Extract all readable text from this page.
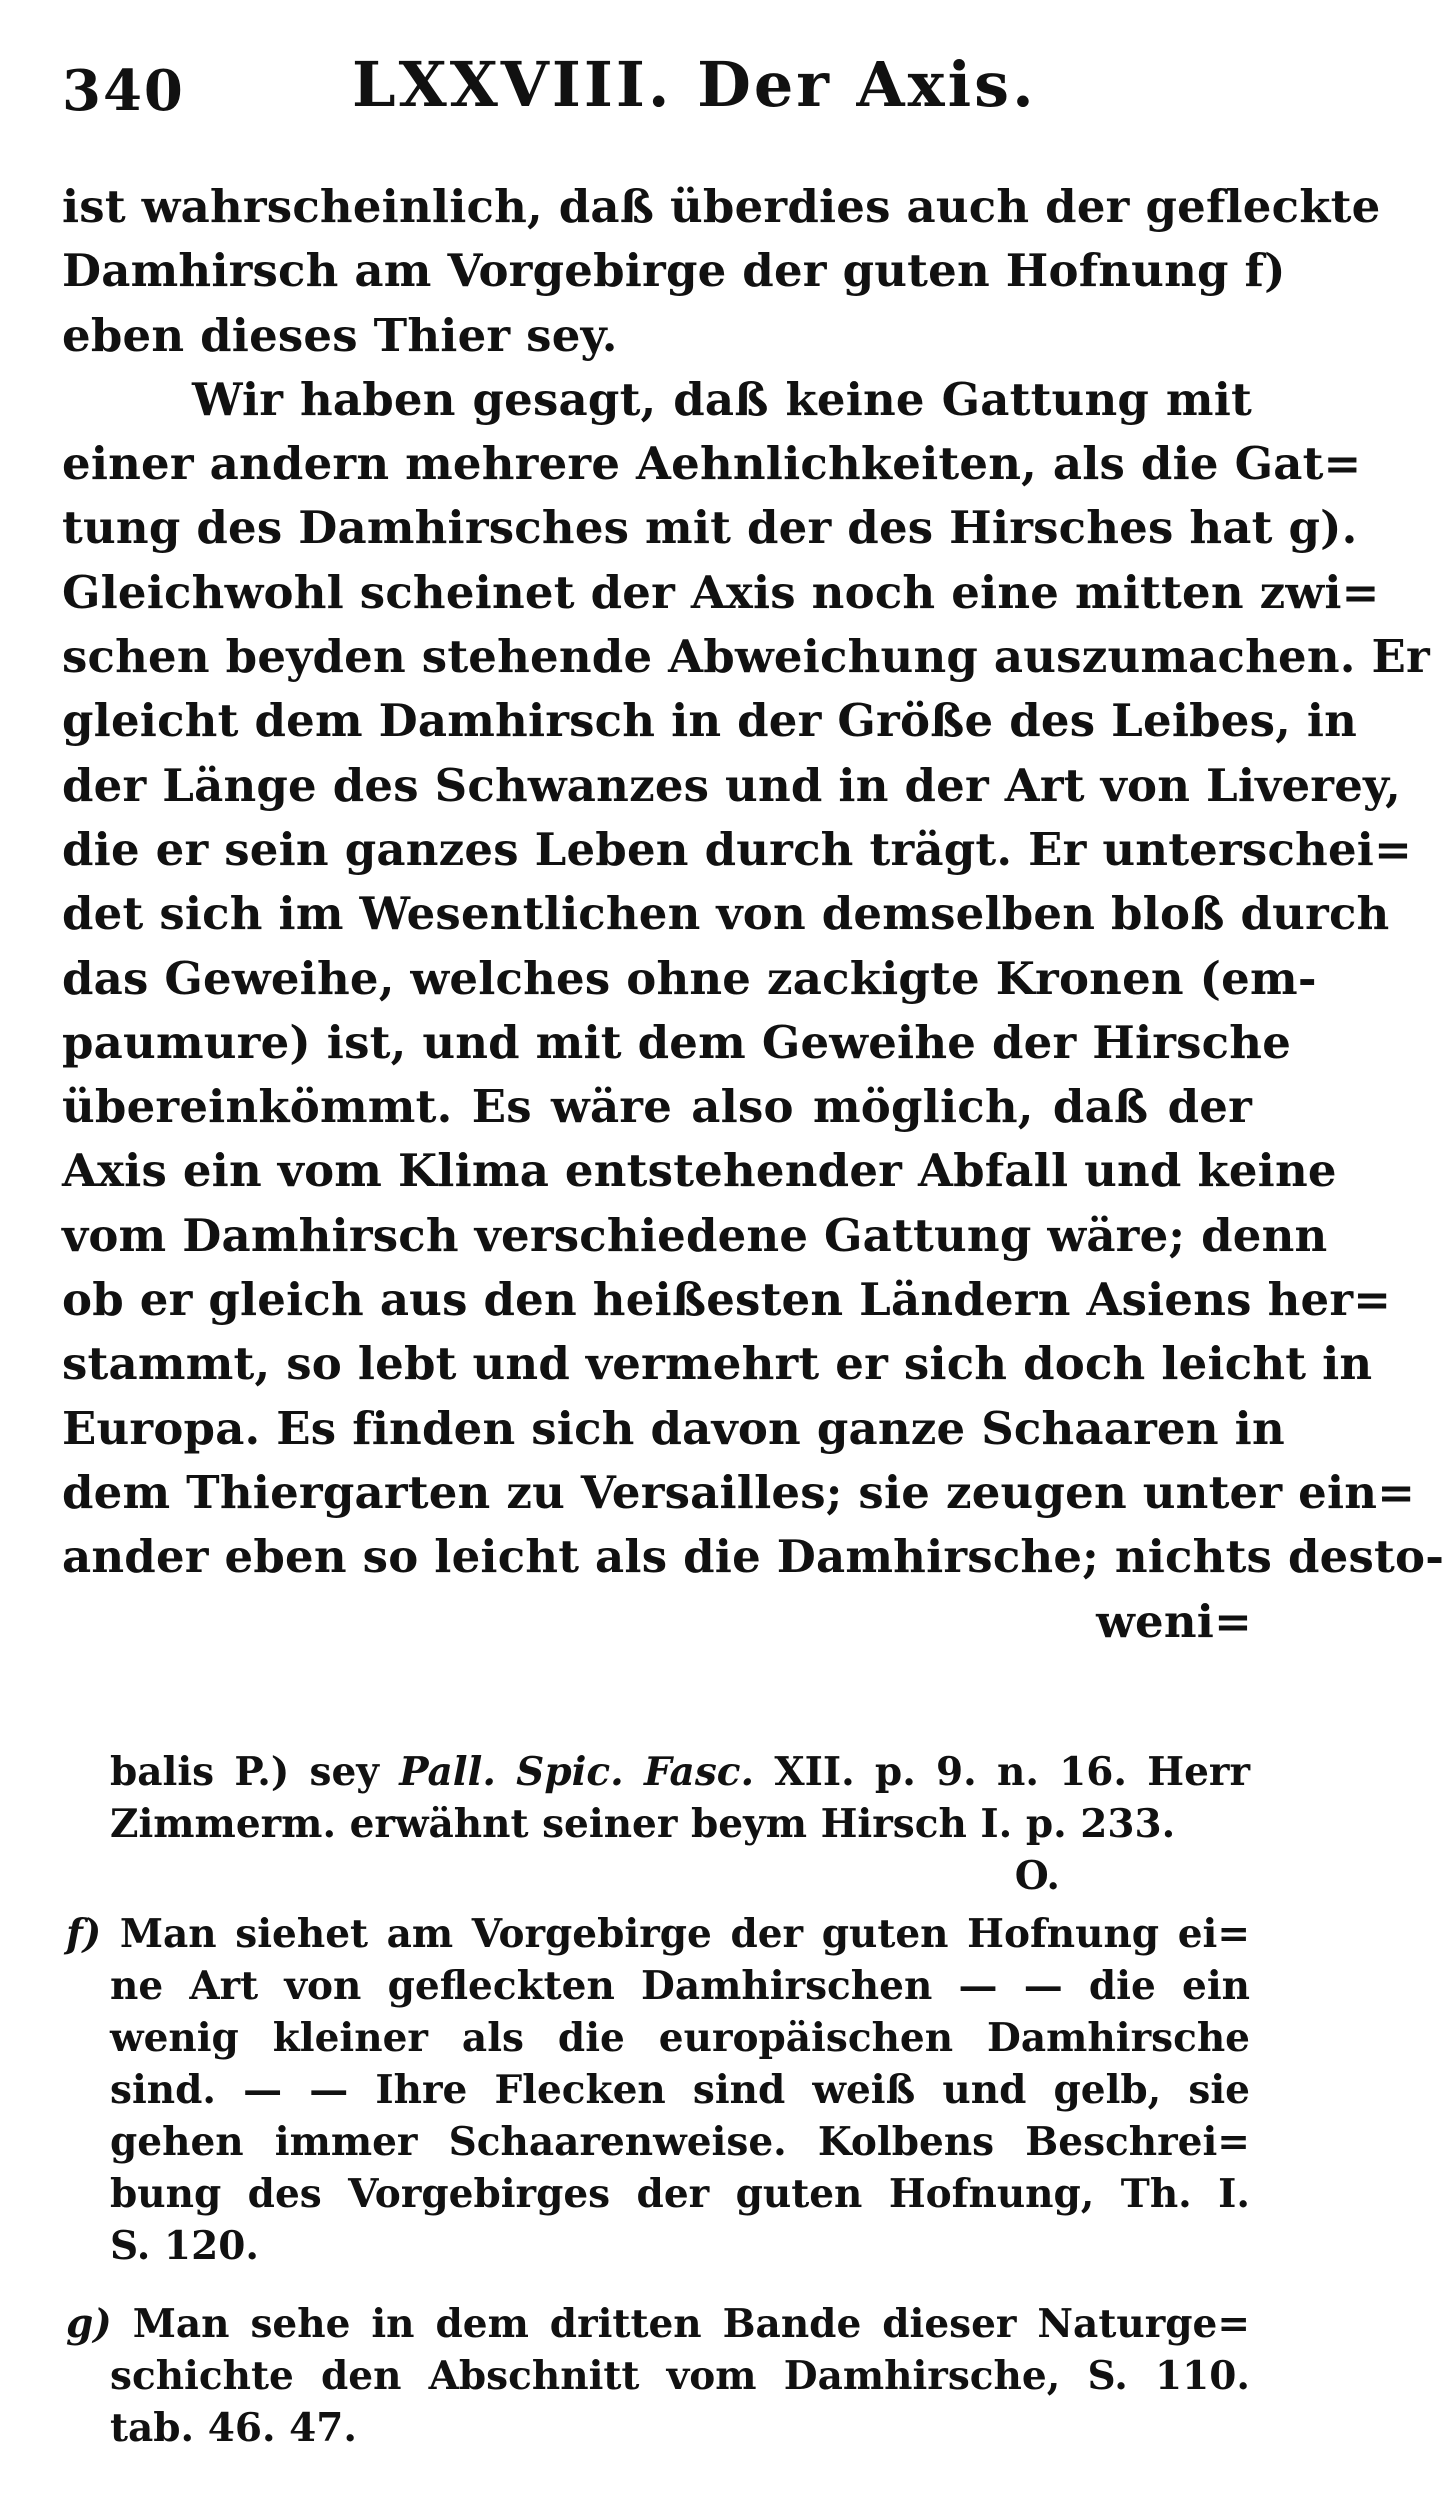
340	LXXVIII. Der Axis.
ist wahrscheinlich, daß überdies auch der gefleckte
Damhirsch am Vorgebirge der guten Hofnung f)
eben dieses Thier sey.
Wir haben gesagt, daß keine Gattung mit
einer andern mehrere Aehnlichkeiten, als die Gat=
tung des Damhirsches mit der des Hirsches hat g).
Gleichwohl scheinet der Axis noch eine mitten zwi=
schen beyden stehende Abweichung auszumachen. Er
gleicht dem Damhirsch in der Größe des Leibes, in
der Länge des Schwanzes und in der Art von Liverey,
die er sein ganzes Leben durch trägt. Er unterschei=
det sich im Wesentlichen von demselben bloß durch
das Geweihe, welches ohne zackigte Kronen (em-
paumure) ist, und mit dem Geweihe der Hirsche
übereinkömmt. Es wäre also möglich, daß der
Axis ein vom Klima entstehender Abfall und keine
vom Damhirsch verschiedene Gattung wäre; denn
ob er gleich aus den heißesten Ländern Asiens her=
stammt, so lebt und vermehrt er sich doch leicht in
Europa. Es finden sich davon ganze Schaaren in
dem Thiergarten zu Versailles; sie zeugen unter ein=
ander eben so leicht als die Damhirsche; nichts desto-
weni=
balis P.) sey Pall. Spic. Fasc. XII. p. 9. n. 16. Herr
Zimmerm. erwähnt seiner beym Hirsch I. p. 233.
O.
f) Man siehet am Vorgebirge der guten Hofnung ei=
ne Art von gefleckten Damhirschen — — die ein
wenig kleiner als die europäischen Damhirsche
sind. — — Ihre Flecken sind weiß und gelb, sie
gehen immer Schaarenweise. Kolbens Beschrei=
bung des Vorgebirges der guten Hofnung, Th. I.
S. 120.
g) Man sehe in dem dritten Bande dieser Naturge=
schichte den Abschnitt vom Damhirsche, S. 110.
tab. 46. 47.
